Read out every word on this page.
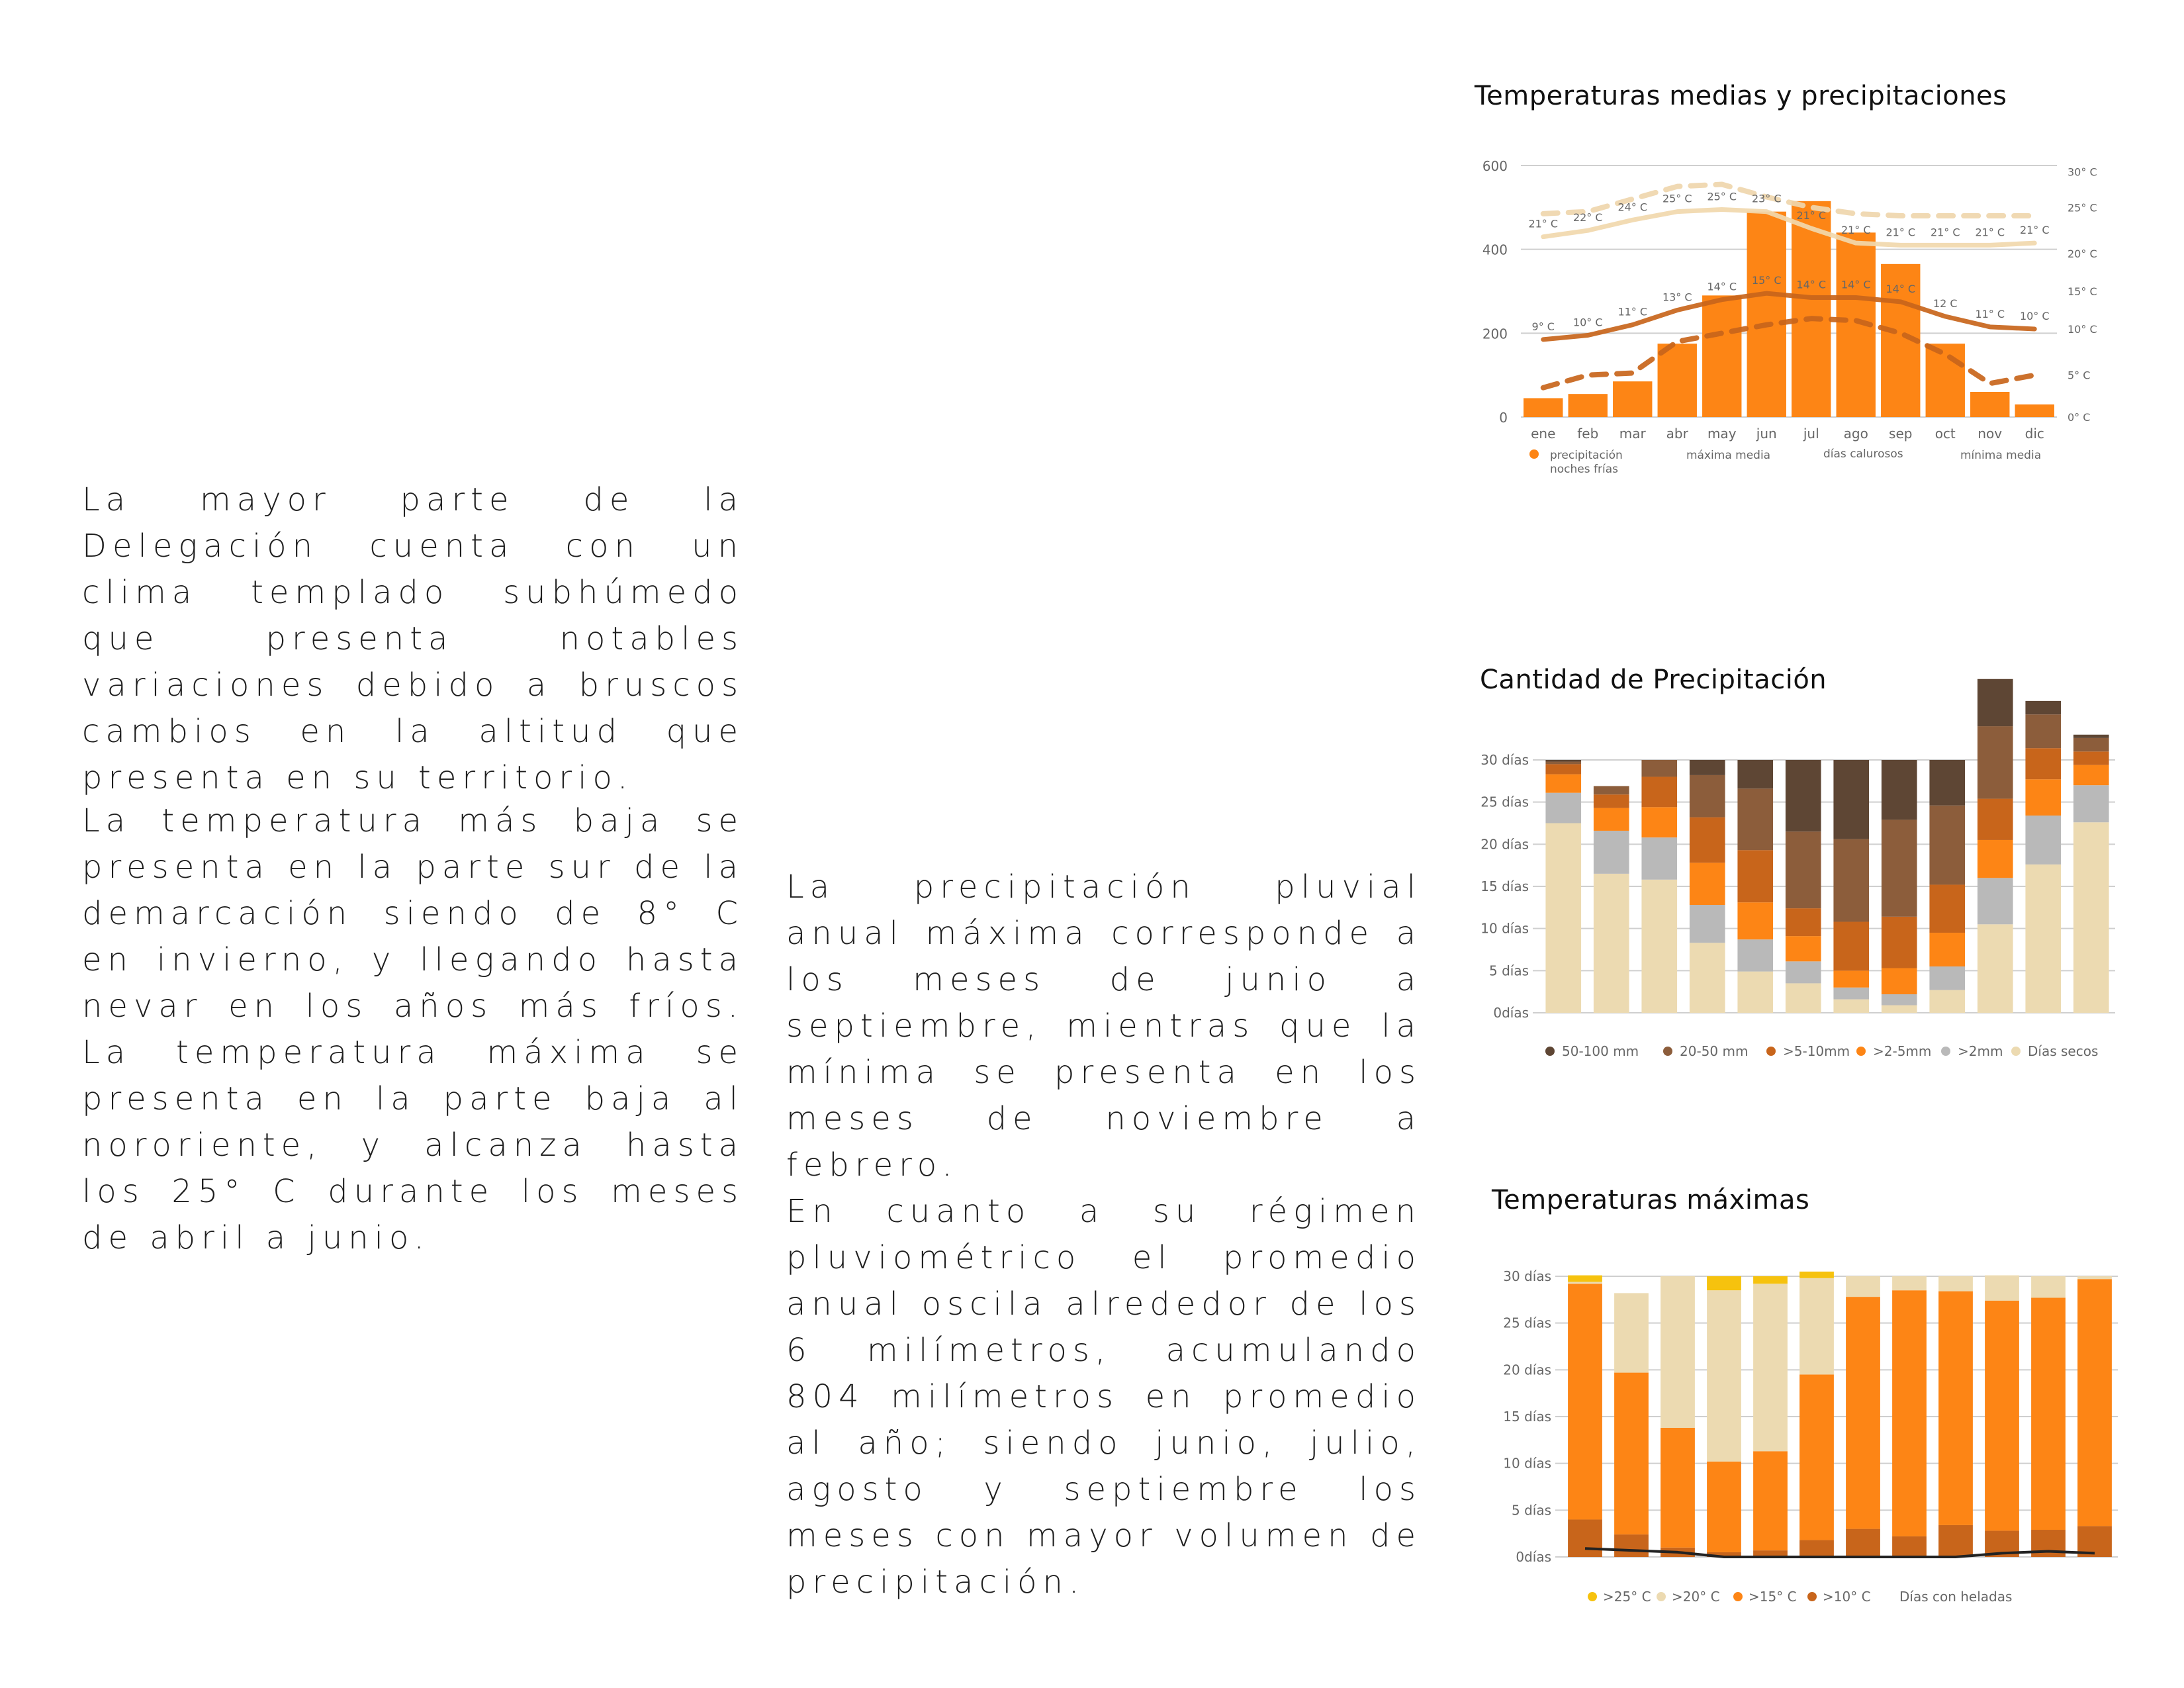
La mayor parte de la Delegación cuenta con un clima templado subhúmedo que presenta notables variaciones debido a bruscos cambios en la altitud que presenta en su territorio.

La temperatura más baja se presenta en la parte sur de la demarcación siendo de 8° C en invierno, y llegando hasta nevar en los años más fríos. La temperatura máxima se presenta en la parte baja al nororiente, y alcanza hasta los 25° C durante los meses de abril a junio.

La precipitación pluvial anual máxima corresponde a los meses de junio a septiembre, mientras que la mínima se presenta en los meses de noviembre a febrero.

En cuanto a su régimen pluviométrico el promedio anual oscila alrededor de los 6 milímetros, acumulando 804 milímetros en promedio al año; siendo junio, julio, agosto y septiembre los meses con mayor volumen de precipitación.

Temperaturas medias y precipitaciones
Cantidad de Precipitación
Temperaturas máximas
0
200
400
600
0° C
5° C
10° C
15° C
20° C
25° C
30° C
21° C 22° C
24° C
25° C 25° C 23° C
21° C
21° C 21° C 21° C 21° C 21° C
9° C 10° C
11° C
13° C
14° C 15° C 14° C 14° C 14° C
12 C
11° C 10° C
ene feb mar abr may jun jul ago sep oct nov dic
precipitación
noches frías
máxima media	días calurosos	mínima media
0días
5 días
10 días
15 días
20 días
25 días
30 días
50-100 mm	20-50 mm	>5-10mm >2-5mm >2mm Días secos
0días
5 días
10 días
15 días
20 días
25 días
30 días
>25° C >20° C >15° C >10° C Días con heladas
